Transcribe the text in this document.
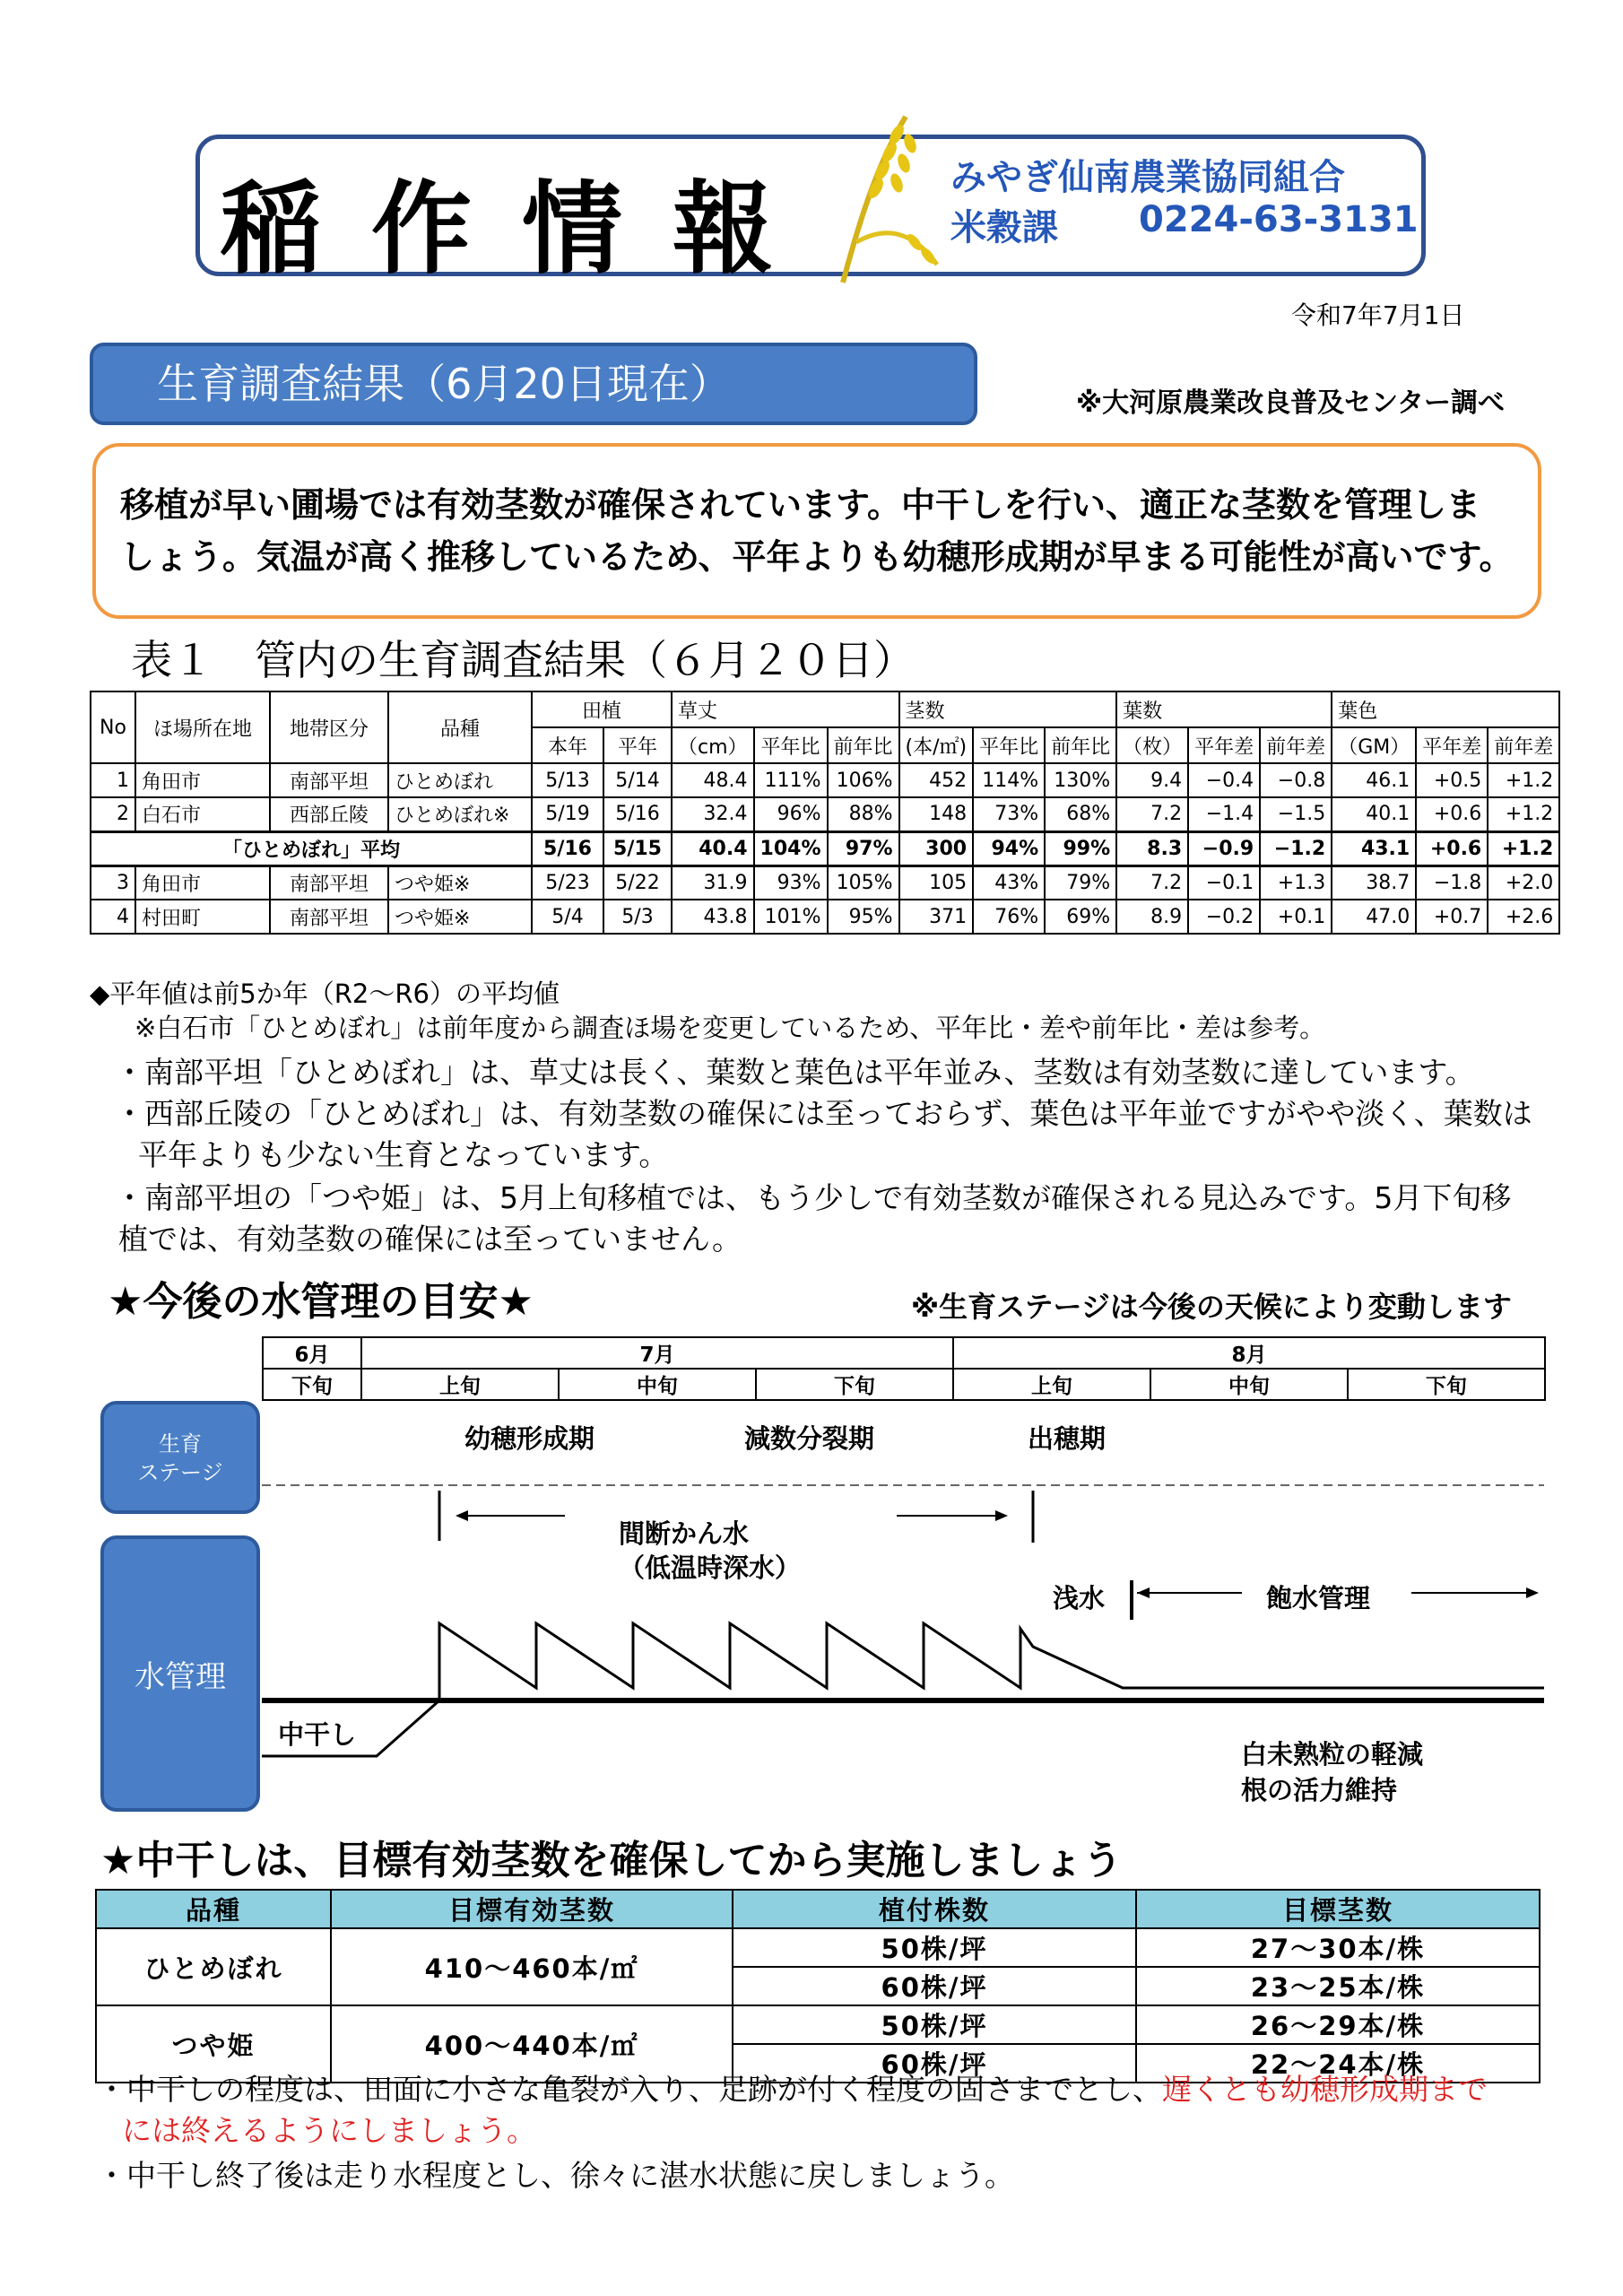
稲 作 情 報	みやぎ仙南農業協同組合
米穀課 0224-63-3131
令和7年7月1日
生育調査結果（6月20日現在）	※大河原農業改良普及センター調べ
移植が早い圃場では有効茎数が確保されています。中干しを行い、適正な茎数を管理しま
しょう。気温が高く推移しているため、平年よりも幼穂形成期が早まる可能性が高いです。
表１　管内の生育調査結果（６月２０日）
No	ほ場所在地	地帯区分	品種	田植		草丈			茎数			葉数			葉色		
				本年	平年	（cm）	平年比	前年比	(本/㎡)	平年比	前年比	（枚）	平年差	前年差	（GM）	平年差	前年差
1	角田市	南部平坦	ひとめぼれ	5/13	5/14	48.4	111%	106%	452	114%	130%	9.4	−0.4	−0.8	46.1	+0.5	+1.2
2	白石市	西部丘陵	ひとめぼれ※	5/19	5/16	32.4	96%	88%	148	73%	68%	7.2	−1.4	−1.5	40.1	+0.6	+1.2
「ひとめぼれ」平均				5/16	5/15	40.4	104%	97%	300	94%	99%	8.3	−0.9	−1.2	43.1	+0.6	+1.2
3	角田市	南部平坦	つや姫※	5/23	5/22	31.9	93%	105%	105	43%	79%	7.2	−0.1	+1.3	38.7	−1.8	+2.0
4	村田町	南部平坦	つや姫※	5/4	5/3	43.8	101%	95%	371	76%	69%	8.9	−0.2	+0.1	47.0	+0.7	+2.6
◆平年値は前5か年（R2～R6）の平均値
※白石市「ひとめぼれ」は前年度から調査ほ場を変更しているため、平年比・差や前年比・差は参考。
・南部平坦「ひとめぼれ」は、草丈は長く、葉数と葉色は平年並み、茎数は有効茎数に達しています。
・西部丘陵の「ひとめぼれ」は、有効茎数の確保には至っておらず、葉色は平年並ですがやや淡く、葉数は
平年よりも少ない生育となっています。
・南部平坦の「つや姫」は、5月上旬移植では、もう少しで有効茎数が確保される見込みです。5月下旬移
植では、有効茎数の確保には至っていません。
★今後の水管理の目安★	※生育ステージは今後の天候により変動します
6月	7月			8月		
下旬	上旬	中旬	下旬	上旬	中旬	下旬
生育
ステージ
水管理
幼穂形成期	減数分裂期	出穂期
間断かん水
（低温時深水）
浅水	飽水管理
中干し
白未熟粒の軽減
根の活力維持
★中干しは、目標有効茎数を確保してから実施しましょう
品種	目標有効茎数	植付株数	目標茎数
ひとめぼれ	410～460本/㎡	50株/坪	27～30本/株
		60株/坪	23～25本/株
つや姫	400～440本/㎡	50株/坪	26～29本/株
		60株/坪	22～24本/株
・中干しの程度は、田面に小さな亀裂が入り、足跡が付く程度の固さまでとし、遅くとも幼穂形成期まで
には終えるようにしましょう。
・中干し終了後は走り水程度とし、徐々に湛水状態に戻しましょう。
